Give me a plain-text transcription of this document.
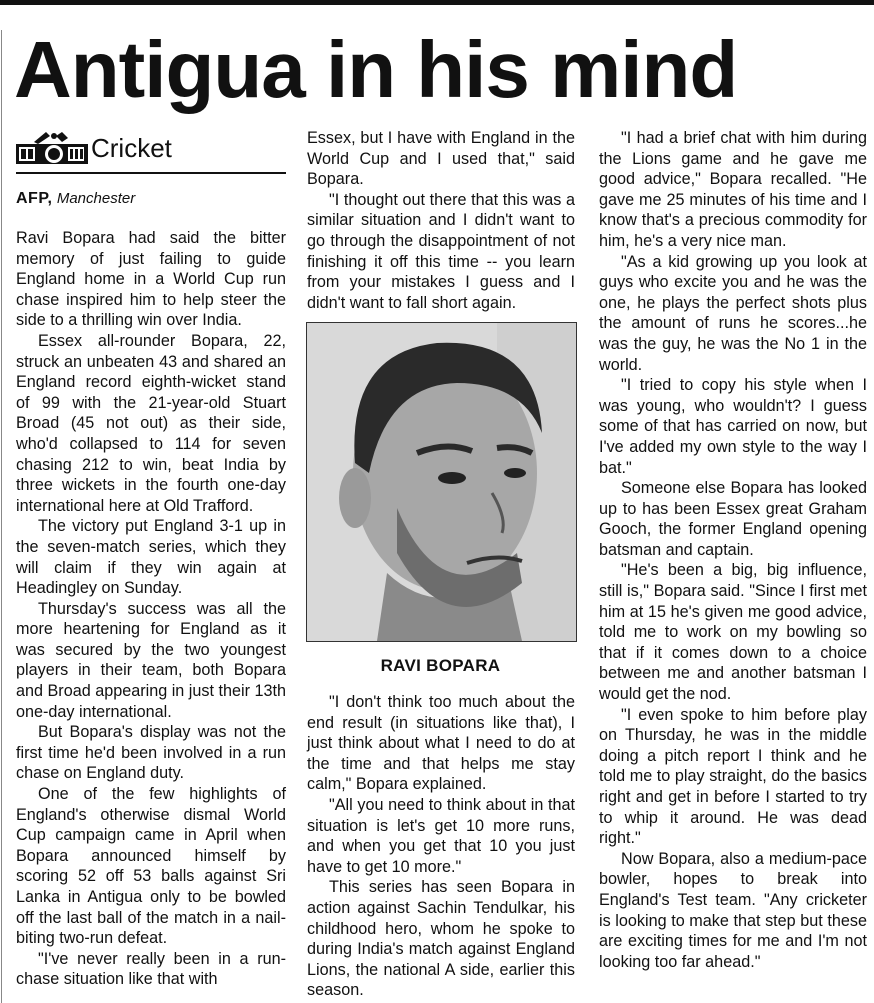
Antigua in his mind
Cricket
AFP, Manchester

Ravi Bopara had said the bitter memory of just failing to guide England home in a World Cup run chase inspired him to help steer the side to a thrilling win over India.

Essex all-rounder Bopara, 22, struck an unbeaten 43 and shared an England record eighth-wicket stand of 99 with the 21-year-old Stuart Broad (45 not out) as their side, who'd collapsed to 114 for seven chasing 212 to win, beat India by three wickets in the fourth one-day international here at Old Trafford.

The victory put England 3-1 up in the seven-match series, which they will claim if they win again at Headingley on Sunday.

Thursday's success was all the more heartening for England as it was secured by the two youngest players in their team, both Bopara and Broad appearing in just their 13th one-day international.

But Bopara's display was not the first time he'd been involved in a run chase on England duty.

One of the few highlights of England's otherwise dismal World Cup campaign came in April when Bopara announced himself by scoring 52 off 53 balls against Sri Lanka in Antigua only to be bowled off the last ball of the match in a nail-biting two-run defeat.

"I've never really been in a run-chase situation like that with

Essex, but I have with England in the World Cup and I used that," said Bopara.

"I thought out there that this was a similar situation and I didn't want to go through the disappointment of not finishing it off this time -- you learn from your mistakes I guess and I didn't want to fall short again.

RAVI BOPARA

"I don't think too much about the end result (in situations like that), I just think about what I need to do at the time and that helps me stay calm," Bopara explained.

"All you need to think about in that situation is let's get 10 more runs, and when you get that 10 you just have to get 10 more."

This series has seen Bopara in action against Sachin Tendulkar, his childhood hero, whom he spoke to during India's match against England Lions, the national A side, earlier this season.

"I had a brief chat with him during the Lions game and he gave me good advice," Bopara recalled. "He gave me 25 minutes of his time and I know that's a precious commodity for him, he's a very nice man.

"As a kid growing up you look at guys who excite you and he was the one, he plays the perfect shots plus the amount of runs he scores...he was the guy, he was the No 1 in the world.

"I tried to copy his style when I was young, who wouldn't? I guess some of that has carried on now, but I've added my own style to the way I bat."

Someone else Bopara has looked up to has been Essex great Graham Gooch, the former England opening batsman and captain.

"He's been a big, big influence, still is," Bopara said. "Since I first met him at 15 he's given me good advice, told me to work on my bowling so that if it comes down to a choice between me and another batsman I would get the nod.

"I even spoke to him before play on Thursday, he was in the middle doing a pitch report I think and he told me to play straight, do the basics right and get in before I started to try to whip it around. He was dead right."

Now Bopara, also a medium-pace bowler, hopes to break into England's Test team. "Any cricketer is looking to make that step but these are exciting times for me and I'm not looking too far ahead."
